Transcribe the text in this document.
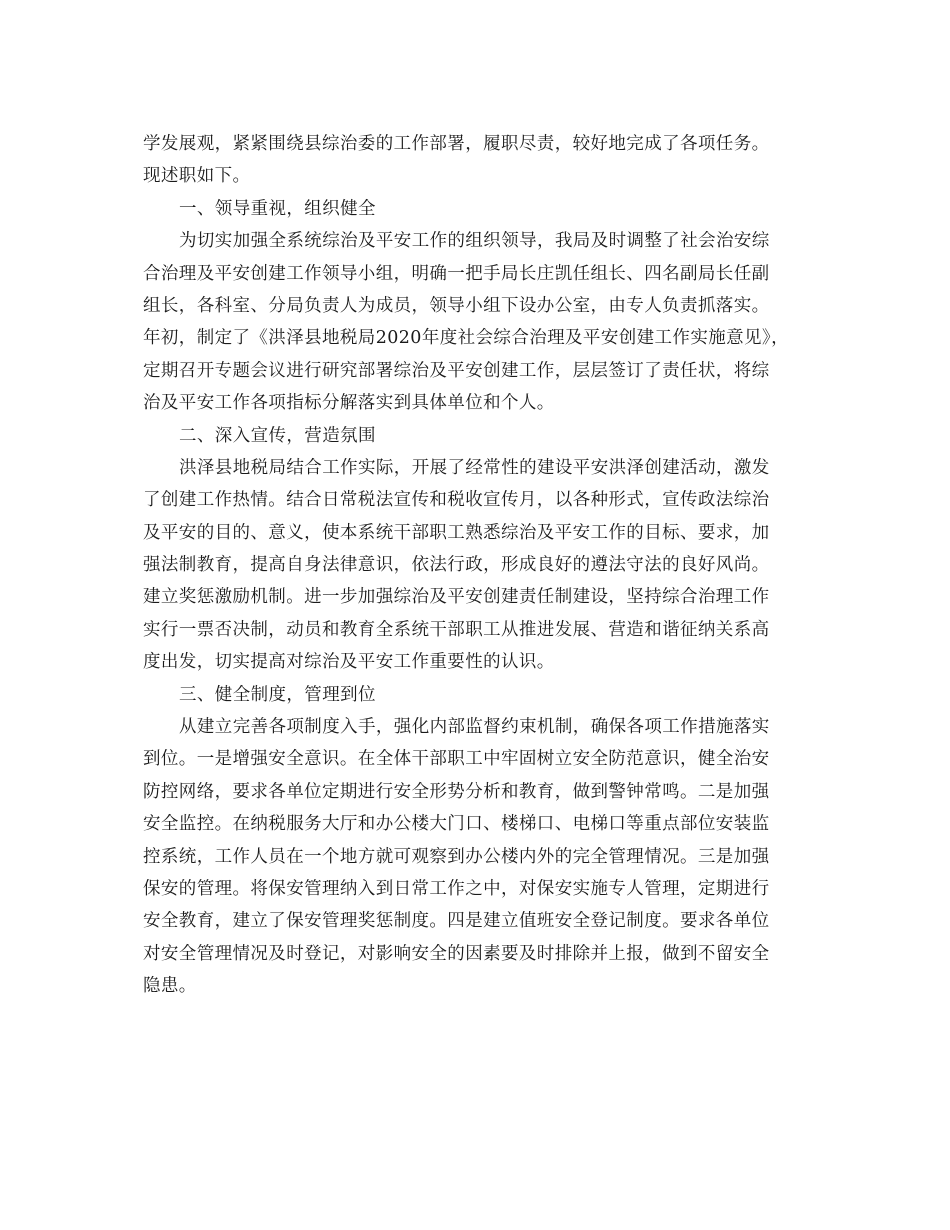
学发展观，紧紧围绕县综治委的工作部署，履职尽责，较好地完成了各项任务。
现述职如下。
一、领导重视，组织健全
为切实加强全系统综治及平安工作的组织领导，我局及时调整了社会治安综
合治理及平安创建工作领导小组，明确一把手局长庄凯任组长、四名副局长任副
组长，各科室、分局负责人为成员，领导小组下设办公室，由专人负责抓落实。
年初，制定了《洪泽县地税局2020年度社会综合治理及平安创建工作实施意见》，
定期召开专题会议进行研究部署综治及平安创建工作，层层签订了责任状，将综
治及平安工作各项指标分解落实到具体单位和个人。
二、深入宣传，营造氛围
洪泽县地税局结合工作实际，开展了经常性的建设平安洪泽创建活动，激发
了创建工作热情。结合日常税法宣传和税收宣传月，以各种形式，宣传政法综治
及平安的目的、意义，使本系统干部职工熟悉综治及平安工作的目标、要求，加
强法制教育，提高自身法律意识，依法行政，形成良好的遵法守法的良好风尚。
建立奖惩激励机制。进一步加强综治及平安创建责任制建设，坚持综合治理工作
实行一票否决制，动员和教育全系统干部职工从推进发展、营造和谐征纳关系高
度出发，切实提高对综治及平安工作重要性的认识。
三、健全制度，管理到位
从建立完善各项制度入手，强化内部监督约束机制，确保各项工作措施落实
到位。一是增强安全意识。在全体干部职工中牢固树立安全防范意识，健全治安
防控网络，要求各单位定期进行安全形势分析和教育，做到警钟常鸣。二是加强
安全监控。在纳税服务大厅和办公楼大门口、楼梯口、电梯口等重点部位安装监
控系统，工作人员在一个地方就可观察到办公楼内外的完全管理情况。三是加强
保安的管理。将保安管理纳入到日常工作之中，对保安实施专人管理，定期进行
安全教育，建立了保安管理奖惩制度。四是建立值班安全登记制度。要求各单位
对安全管理情况及时登记，对影响安全的因素要及时排除并上报，做到不留安全
隐患。
